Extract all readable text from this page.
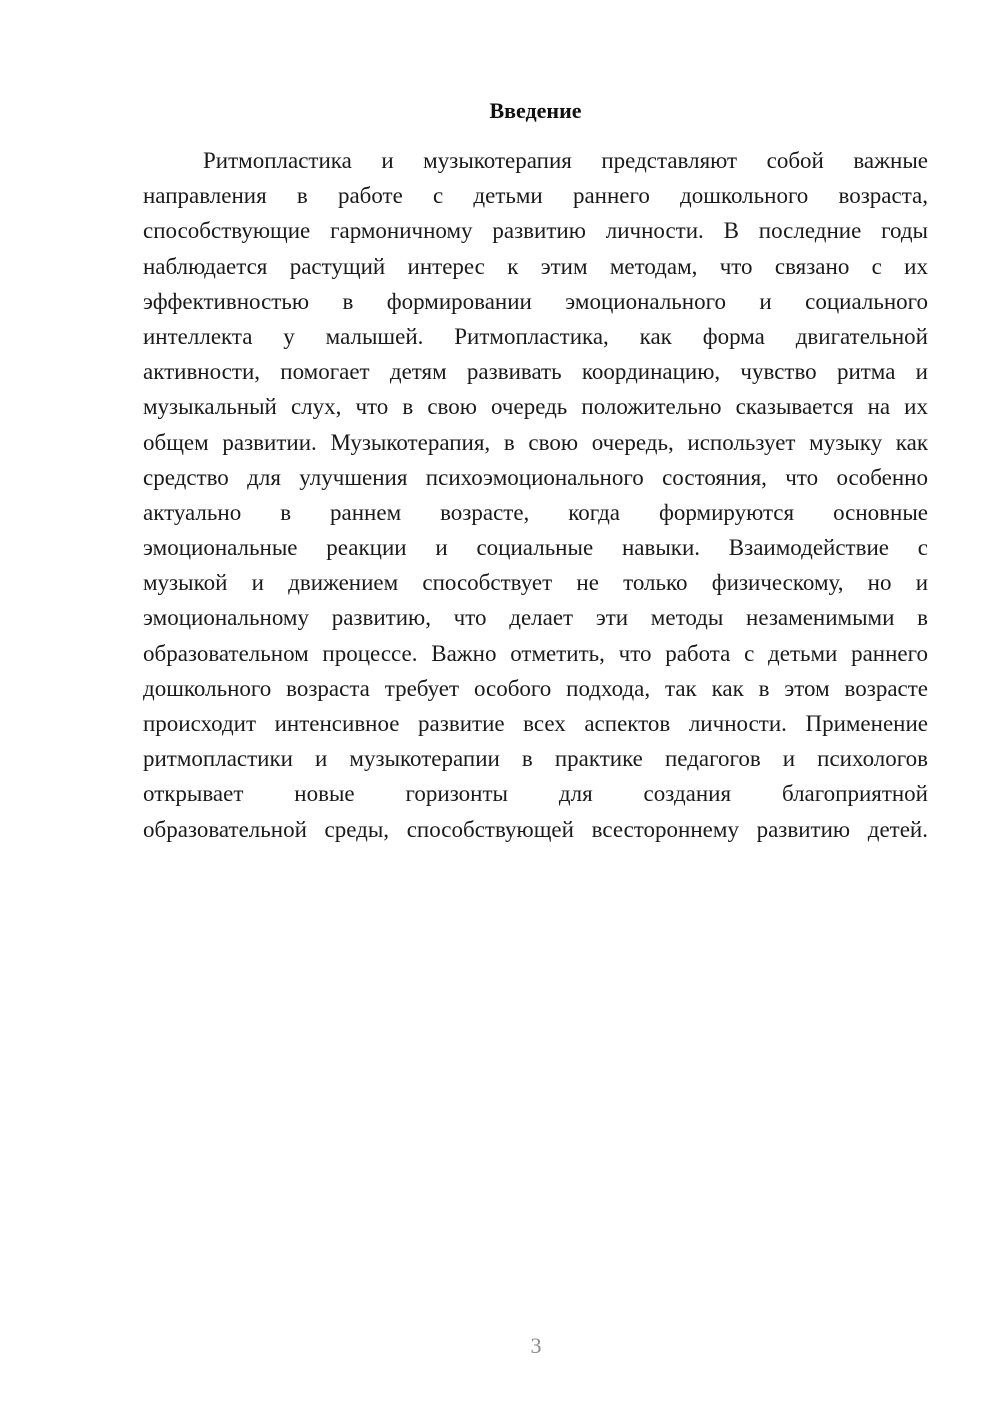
Введение
Ритмопластика и музыкотерапия представляют собой важные
направления в работе с детьми раннего дошкольного возраста,
способствующие гармоничному развитию личности. В последние годы
наблюдается растущий интерес к этим методам, что связано с их
эффективностью в формировании эмоционального и социального
интеллекта у малышей. Ритмопластика, как форма двигательной
активности, помогает детям развивать координацию, чувство ритма и
музыкальный слух, что в свою очередь положительно сказывается на их
общем развитии. Музыкотерапия, в свою очередь, использует музыку как
средство для улучшения психоэмоционального состояния, что особенно
актуально в раннем возрасте, когда формируются основные
эмоциональные реакции и социальные навыки. Взаимодействие с
музыкой и движением способствует не только физическому, но и
эмоциональному развитию, что делает эти методы незаменимыми в
образовательном процессе. Важно отметить, что работа с детьми раннего
дошкольного возраста требует особого подхода, так как в этом возрасте
происходит интенсивное развитие всех аспектов личности. Применение
ритмопластики и музыкотерапии в практике педагогов и психологов
открывает новые горизонты для создания благоприятной
образовательной среды, способствующей всестороннему развитию детей.
3
